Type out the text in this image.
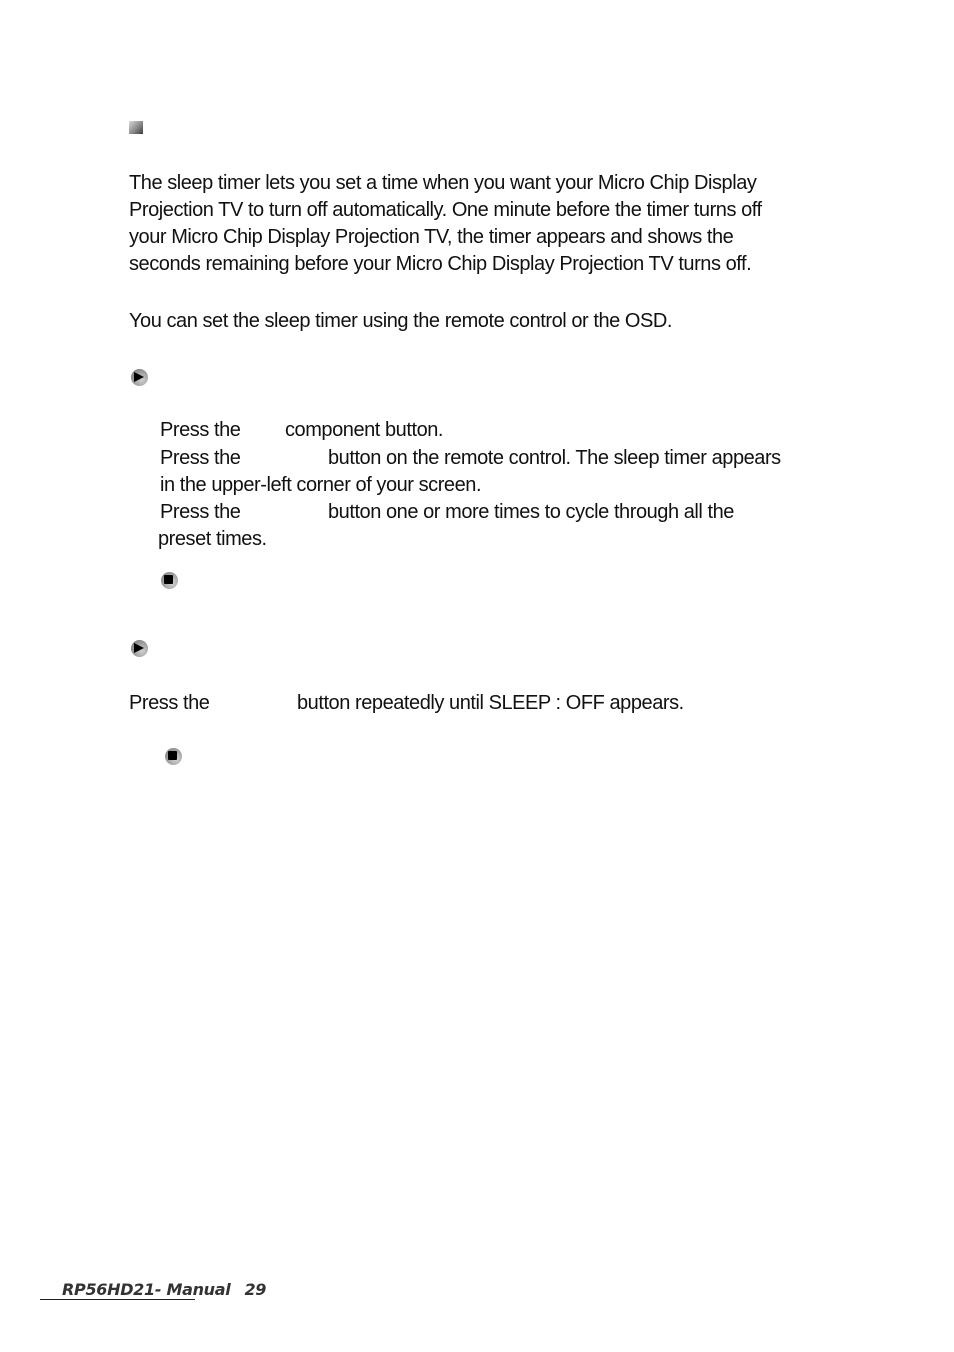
The sleep timer lets you set a time when you want your Micro Chip Display
Projection TV to turn off automatically. One minute before the timer turns off
your Micro Chip Display Projection TV, the timer appears and shows the
seconds remaining before your Micro Chip Display Projection TV turns off.
You can set the sleep timer using the remote control or the OSD.
Press the component button.
Press the	button on the remote control. The sleep timer appears
in the upper-left corner of your screen.
Press the	button one or more times to cycle through all the
preset times.
Press the	button repeatedly until SLEEP : OFF appears.
RP56HD21- Manual 29
